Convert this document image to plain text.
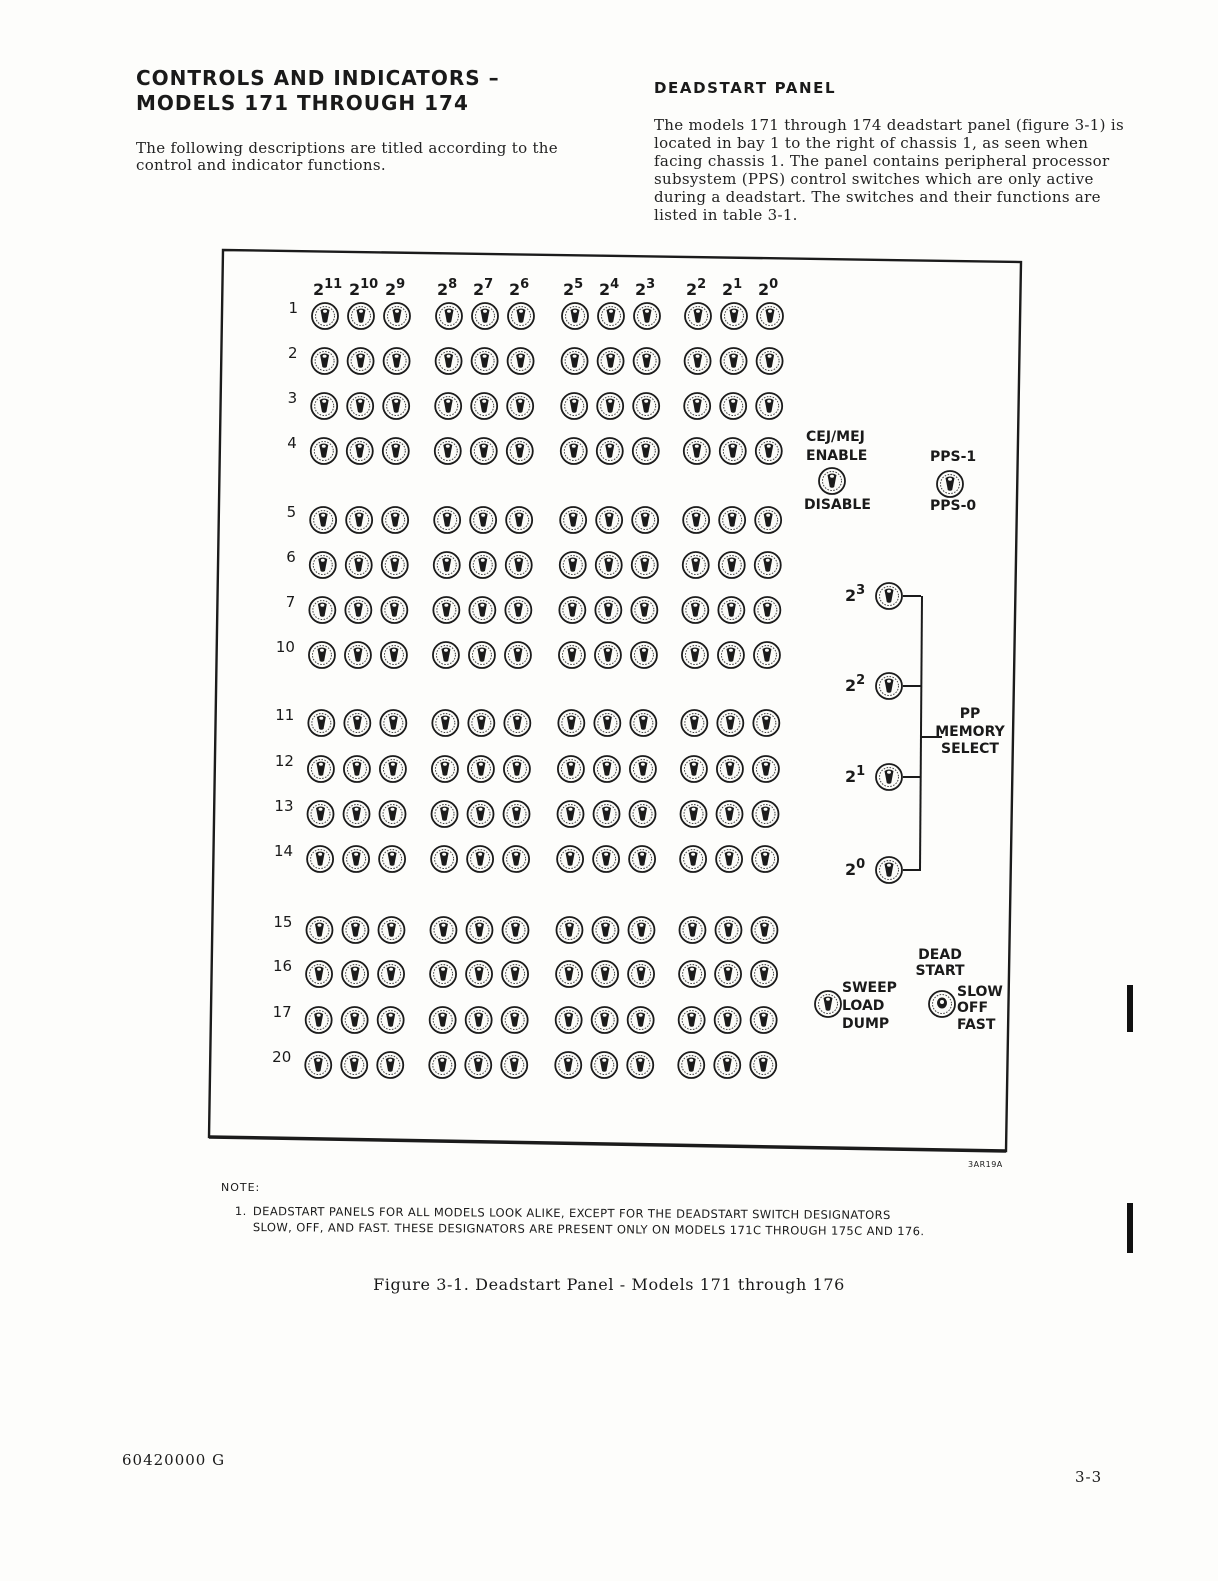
CONTROLS AND INDICATORS –
MODELS 171 THROUGH 174

The following descriptions are titled according to the control and indicator functions.

DEADSTART PANEL

The models 171 through 174 deadstart panel (figure 3-1) is located in bay 1 to the right of chassis 1, as seen when facing chassis 1. The panel contains peripheral processor subsystem (PPS) control switches which are only active during a deadstart. The switches and their functions are listed in table 3-1.

$2^{11}$ $2^{10}$ $2^9$ $2^8$ $2^7$ $2^6$ $2^5$ $2^4$ $2^3$ $2^2$ $2^1$ $2^0$
1
2
3
4
5
6
7
10
11
12
13
14
15
16
17
20
CEJ/MEJ
ENABLE
DISABLE
PPS-1
PPS-0
$2^3$
$2^2$
$2^1$
$2^0$
PP
MEMORY
SELECT
SWEEP
LOAD
DUMP
DEAD
START
SLOW
OFF
FAST

3AR19A

NOTE:

1. DEADSTART PANELS FOR ALL MODELS LOOK ALIKE, EXCEPT FOR THE DEADSTART SWITCH DESIGNATORS
SLOW, OFF, AND FAST. THESE DESIGNATORS ARE PRESENT ONLY ON MODELS 171C THROUGH 175C AND 176.

Figure 3-1. Deadstart Panel - Models 171 through 176

60420000 G

3-3
